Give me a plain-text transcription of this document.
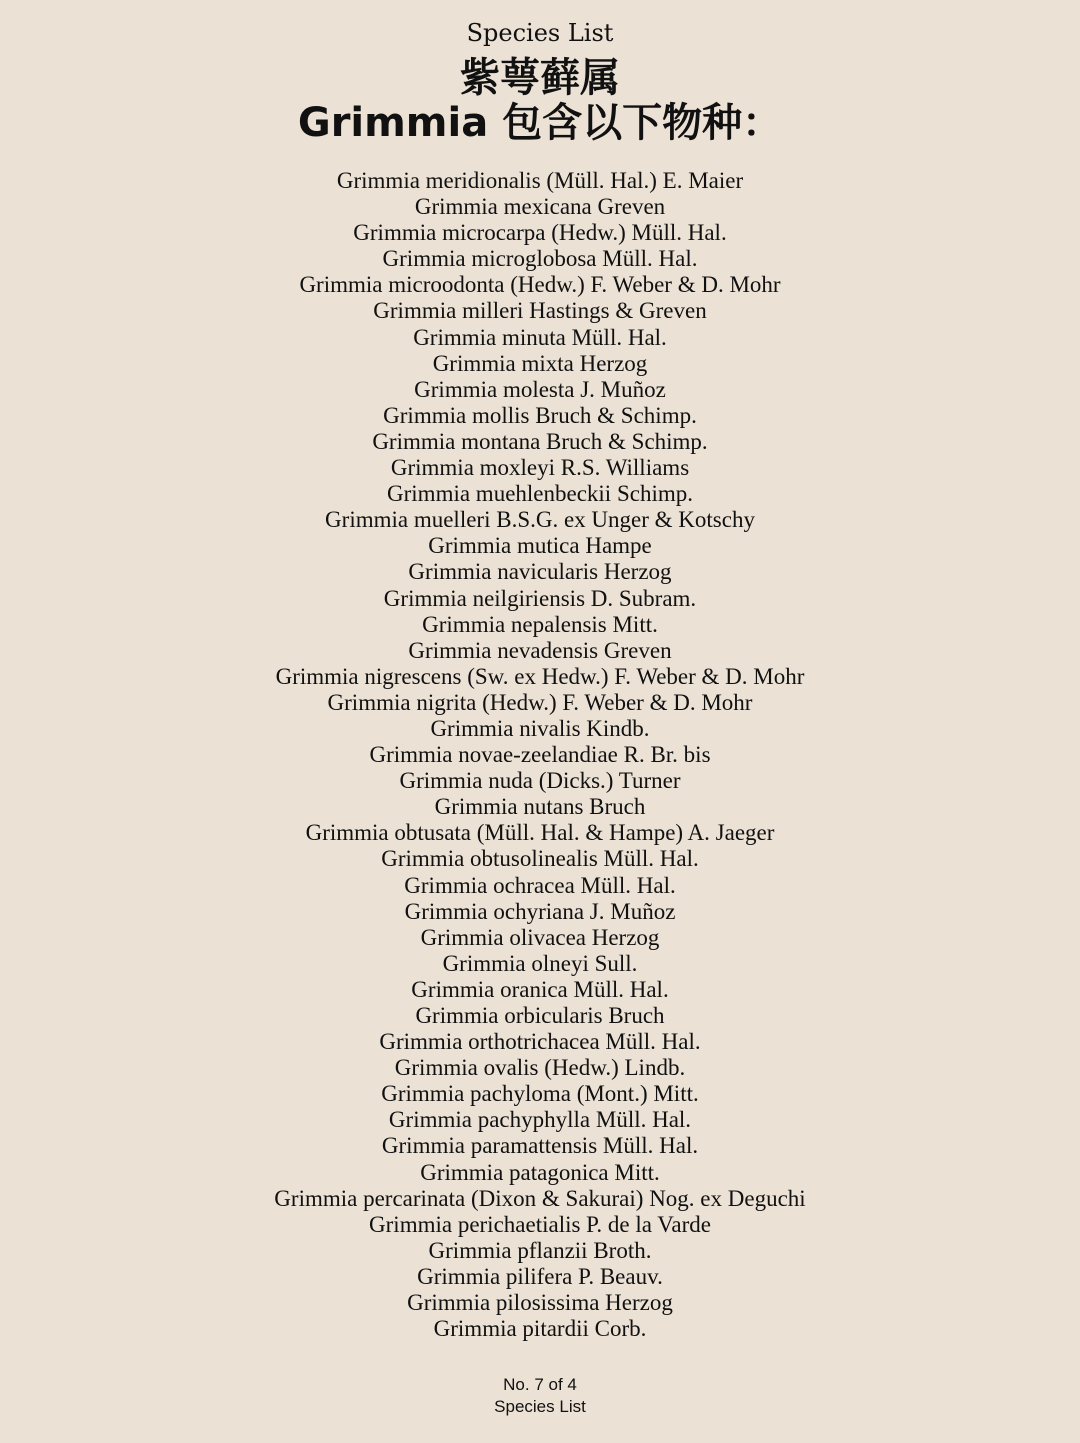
Species List
紫萼藓属
Grimmia 包含以下物种：
Grimmia meridionalis (Müll. Hal.) E. Maier
Grimmia mexicana Greven
Grimmia microcarpa (Hedw.) Müll. Hal.
Grimmia microglobosa Müll. Hal.
Grimmia microodonta (Hedw.) F. Weber & D. Mohr
Grimmia milleri Hastings & Greven
Grimmia minuta Müll. Hal.
Grimmia mixta Herzog
Grimmia molesta J. Muñoz
Grimmia mollis Bruch & Schimp.
Grimmia montana Bruch & Schimp.
Grimmia moxleyi R.S. Williams
Grimmia muehlenbeckii Schimp.
Grimmia muelleri B.S.G. ex Unger & Kotschy
Grimmia mutica Hampe
Grimmia navicularis Herzog
Grimmia neilgiriensis D. Subram.
Grimmia nepalensis Mitt.
Grimmia nevadensis Greven
Grimmia nigrescens (Sw. ex Hedw.) F. Weber & D. Mohr
Grimmia nigrita (Hedw.) F. Weber & D. Mohr
Grimmia nivalis Kindb.
Grimmia novae-zeelandiae R. Br. bis
Grimmia nuda (Dicks.) Turner
Grimmia nutans Bruch
Grimmia obtusata (Müll. Hal. & Hampe) A. Jaeger
Grimmia obtusolinealis Müll. Hal.
Grimmia ochracea Müll. Hal.
Grimmia ochyriana J. Muñoz
Grimmia olivacea Herzog
Grimmia olneyi Sull.
Grimmia oranica Müll. Hal.
Grimmia orbicularis Bruch
Grimmia orthotrichacea Müll. Hal.
Grimmia ovalis (Hedw.) Lindb.
Grimmia pachyloma (Mont.) Mitt.
Grimmia pachyphylla Müll. Hal.
Grimmia paramattensis Müll. Hal.
Grimmia patagonica Mitt.
Grimmia percarinata (Dixon & Sakurai) Nog. ex Deguchi
Grimmia perichaetialis P. de la Varde
Grimmia pflanzii Broth.
Grimmia pilifera P. Beauv.
Grimmia pilosissima Herzog
Grimmia pitardii Corb.
No. 7 of 4
Species List
